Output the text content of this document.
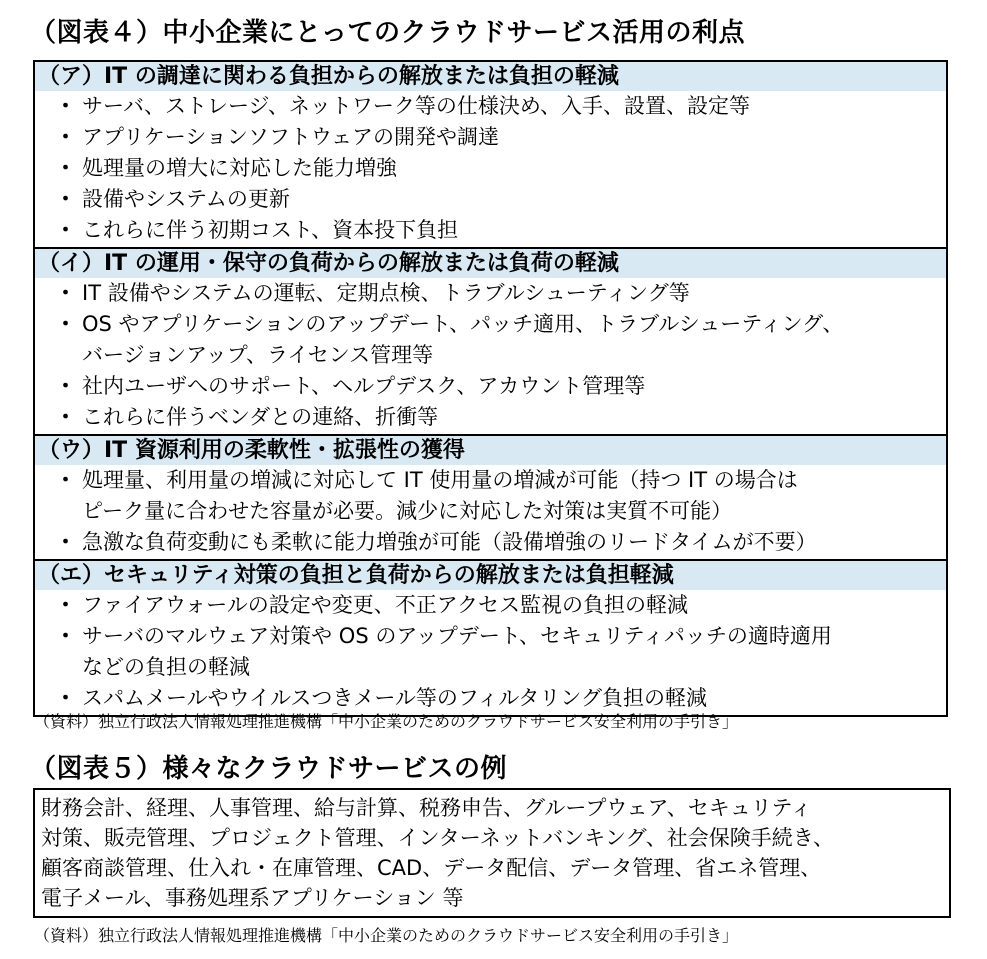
（図表４）中小企業にとってのクラウドサービス活用の利点
（ア）IT の調達に関わる負担からの解放または負担の軽減
・ サーバ、ストレージ、ネットワーク等の仕様決め、入手、設置、設定等
・ アプリケーションソフトウェアの開発や調達
・ 処理量の増大に対応した能力増強
・ 設備やシステムの更新
・ これらに伴う初期コスト、資本投下負担
（イ）IT の運用・保守の負荷からの解放または負荷の軽減
・ IT 設備やシステムの運転、定期点検、トラブルシューティング等
・ OS やアプリケーションのアップデート、パッチ適用、トラブルシューティング、
バージョンアップ、ライセンス管理等
・ 社内ユーザへのサポート、ヘルプデスク、アカウント管理等
・ これらに伴うベンダとの連絡、折衝等
（ウ）IT 資源利用の柔軟性・拡張性の獲得
・ 処理量、利用量の増減に対応して IT 使用量の増減が可能（持つ IT の場合は
ピーク量に合わせた容量が必要。減少に対応した対策は実質不可能）
・ 急激な負荷変動にも柔軟に能力増強が可能（設備増強のリードタイムが不要）
（エ）セキュリティ対策の負担と負荷からの解放または負担軽減
・ ファイアウォールの設定や変更、不正アクセス監視の負担の軽減
・ サーバのマルウェア対策や OS のアップデート、セキュリティパッチの適時適用
などの負担の軽減
・ スパムメールやウイルスつきメール等のフィルタリング負担の軽減
（資料）独立行政法人情報処理推進機構「中小企業のためのクラウドサービス安全利用の手引き」
（図表５）様々なクラウドサービスの例
財務会計、経理、人事管理、給与計算、税務申告、グループウェア、セキュリティ
対策、販売管理、プロジェクト管理、インターネットバンキング、社会保険手続き、
顧客商談管理、仕入れ・在庫管理、CAD、データ配信、データ管理、省エネ管理、
電子メール、事務処理系アプリケーション 等
（資料）独立行政法人情報処理推進機構「中小企業のためのクラウドサービス安全利用の手引き」
